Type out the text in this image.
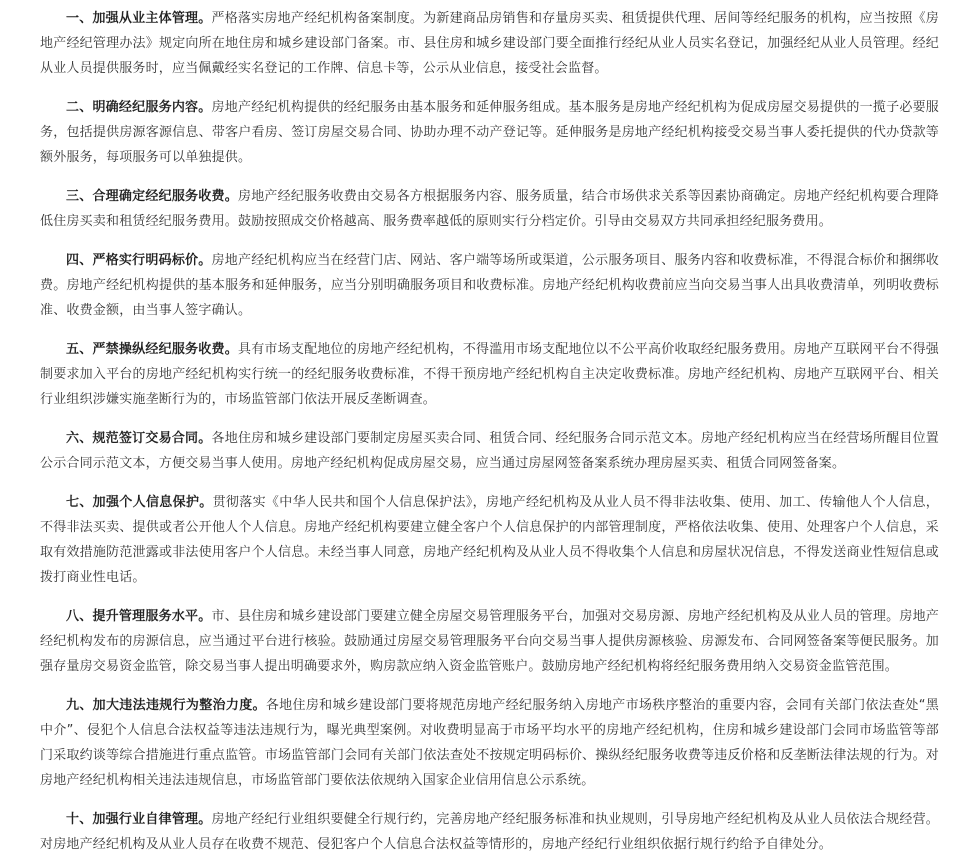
一、加强从业主体管理。严格落实房地产经纪机构备案制度。为新建商品房销售和存量房买卖、租赁提供代理、居间等经纪服务的机构，应当按照《房地产经纪管理办法》规定向所在地住房和城乡建设部门备案。市、县住房和城乡建设部门要全面推行经纪从业人员实名登记，加强经纪从业人员管理。经纪从业人员提供服务时，应当佩戴经实名登记的工作牌、信息卡等，公示从业信息，接受社会监督。

二、明确经纪服务内容。房地产经纪机构提供的经纪服务由基本服务和延伸服务组成。基本服务是房地产经纪机构为促成房屋交易提供的一揽子必要服务，包括提供房源客源信息、带客户看房、签订房屋交易合同、协助办理不动产登记等。延伸服务是房地产经纪机构接受交易当事人委托提供的代办贷款等额外服务，每项服务可以单独提供。

三、合理确定经纪服务收费。房地产经纪服务收费由交易各方根据服务内容、服务质量，结合市场供求关系等因素协商确定。房地产经纪机构要合理降低住房买卖和租赁经纪服务费用。鼓励按照成交价格越高、服务费率越低的原则实行分档定价。引导由交易双方共同承担经纪服务费用。

四、严格实行明码标价。房地产经纪机构应当在经营门店、网站、客户端等场所或渠道，公示服务项目、服务内容和收费标准，不得混合标价和捆绑收费。房地产经纪机构提供的基本服务和延伸服务，应当分别明确服务项目和收费标准。房地产经纪机构收费前应当向交易当事人出具收费清单，列明收费标准、收费金额，由当事人签字确认。

五、严禁操纵经纪服务收费。具有市场支配地位的房地产经纪机构，不得滥用市场支配地位以不公平高价收取经纪服务费用。房地产互联网平台不得强制要求加入平台的房地产经纪机构实行统一的经纪服务收费标准，不得干预房地产经纪机构自主决定收费标准。房地产经纪机构、房地产互联网平台、相关行业组织涉嫌实施垄断行为的，市场监管部门依法开展反垄断调查。

六、规范签订交易合同。各地住房和城乡建设部门要制定房屋买卖合同、租赁合同、经纪服务合同示范文本。房地产经纪机构应当在经营场所醒目位置公示合同示范文本，方便交易当事人使用。房地产经纪机构促成房屋交易，应当通过房屋网签备案系统办理房屋买卖、租赁合同网签备案。

七、加强个人信息保护。贯彻落实《中华人民共和国个人信息保护法》，房地产经纪机构及从业人员不得非法收集、使用、加工、传输他人个人信息，不得非法买卖、提供或者公开他人个人信息。房地产经纪机构要建立健全客户个人信息保护的内部管理制度，严格依法收集、使用、处理客户个人信息，采取有效措施防范泄露或非法使用客户个人信息。未经当事人同意，房地产经纪机构及从业人员不得收集个人信息和房屋状况信息，不得发送商业性短信息或拨打商业性电话。

八、提升管理服务水平。市、县住房和城乡建设部门要建立健全房屋交易管理服务平台，加强对交易房源、房地产经纪机构及从业人员的管理。房地产经纪机构发布的房源信息，应当通过平台进行核验。鼓励通过房屋交易管理服务平台向交易当事人提供房源核验、房源发布、合同网签备案等便民服务。加强存量房交易资金监管，除交易当事人提出明确要求外，购房款应纳入资金监管账户。鼓励房地产经纪机构将经纪服务费用纳入交易资金监管范围。

九、加大违法违规行为整治力度。各地住房和城乡建设部门要将规范房地产经纪服务纳入房地产市场秩序整治的重要内容，会同有关部门依法查处“黑中介”、侵犯个人信息合法权益等违法违规行为，曝光典型案例。对收费明显高于市场平均水平的房地产经纪机构，住房和城乡建设部门会同市场监管等部门采取约谈等综合措施进行重点监管。市场监管部门会同有关部门依法查处不按规定明码标价、操纵经纪服务收费等违反价格和反垄断法律法规的行为。对房地产经纪机构相关违法违规信息，市场监管部门要依法依规纳入国家企业信用信息公示系统。

十、加强行业自律管理。房地产经纪行业组织要健全行规行约，完善房地产经纪服务标准和执业规则，引导房地产经纪机构及从业人员依法合规经营。对房地产经纪机构及从业人员存在收费不规范、侵犯客户个人信息合法权益等情形的，房地产经纪行业组织依据行规行约给予自律处分。
